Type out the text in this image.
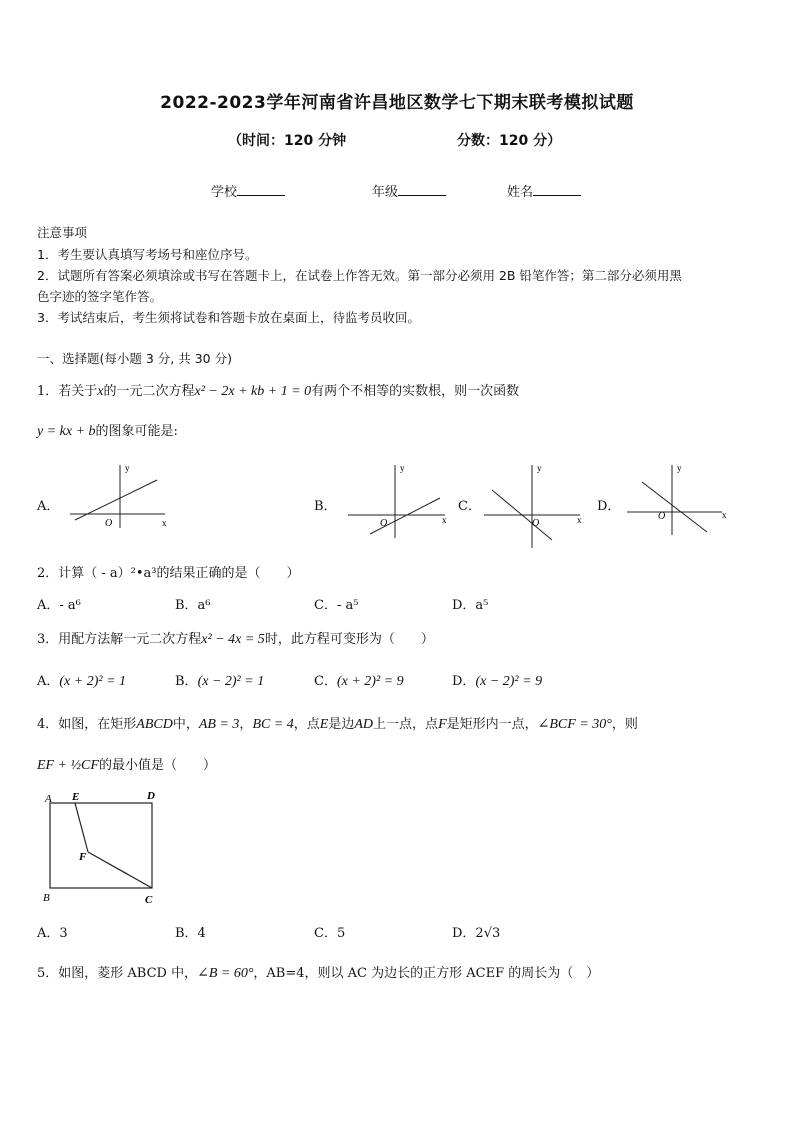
2022-2023学年河南省许昌地区数学七下期末联考模拟试题
（时间：120 分钟	分数：120 分）
学校	年级	姓名
注意事项
1．考生要认真填写考场号和座位序号。
2．试题所有答案必须填涂或书写在答题卡上，在试卷上作答无效。第一部分必须用 2B 铅笔作答；第二部分必须用黑
色字迹的签字笔作答。
3．考试结束后，考生须将试卷和答题卡放在桌面上，待监考员收回。
一、选择题(每小题 3 分, 共 30 分)
1．若关于x的一元二次方程x² − 2x + kb + 1 = 0有两个不相等的实数根，则一次函数
y = kx + b的图象可能是:
A．
x
y
O
B．
x
y
O
C．
x
y
O
D．
x
y
O
2．计算（ - a）²•a³的结果正确的是（　　）
A．- a⁶	B．a⁶	C．- a⁵	D．a⁵
3．用配方法解一元二次方程x² − 4x = 5时，此方程可变形为（　　）
A．(x + 2)² = 1	B．(x − 2)² = 1	C．(x + 2)² = 9	D．(x − 2)² = 9
4．如图，在矩形ABCD中，AB = 3，BC = 4，点E是边AD上一点，点F是矩形内一点，∠BCF = 30°，则
EF + ½CF的最小值是（　　）
A E	D
F
B	C
A．3	B．4	C．5	D．2√3
5．如图，菱形 ABCD 中，∠B = 60°，AB=4，则以 AC 为边长的正方形 ACEF 的周长为（　）
